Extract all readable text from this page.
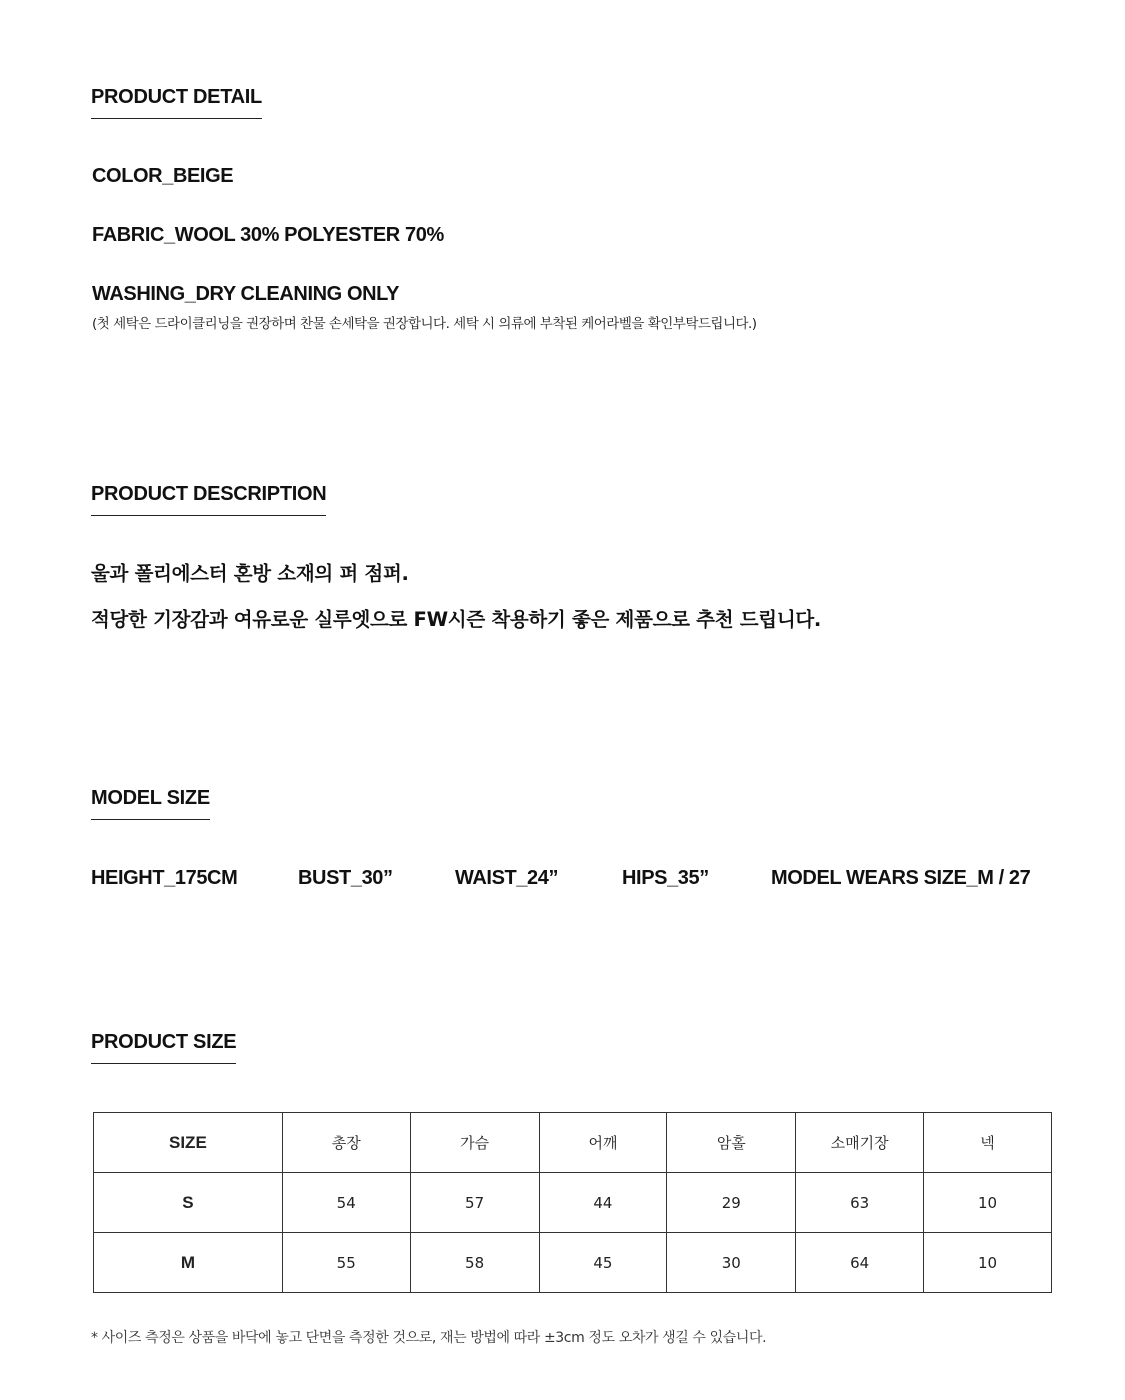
PRODUCT DETAIL
COLOR_BEIGE
FABRIC_WOOL 30% POLYESTER 70%
WASHING_DRY CLEANING ONLY
(첫 세탁은 드라이클리닝을 권장하며 찬물 손세탁을 권장합니다. 세탁 시 의류에 부착된 케어라벨을 확인부탁드립니다.)
PRODUCT DESCRIPTION
울과 폴리에스터 혼방 소재의 퍼 점퍼.
적당한 기장감과 여유로운 실루엣으로 FW시즌 착용하기 좋은 제품으로 추천 드립니다.
MODEL SIZE
HEIGHT_175CM	BUST_30”	WAIST_24”	HIPS_35”	MODEL WEARS SIZE_M / 27
PRODUCT SIZE
SIZE	총장	가슴	어깨	암홀	소매기장	넥
S	54	57	44	29	63	10
M	55	58	45	30	64	10
* 사이즈 측정은 상품을 바닥에 놓고 단면을 측정한 것으로, 재는 방법에 따라 ±3cm 정도 오차가 생길 수 있습니다.
